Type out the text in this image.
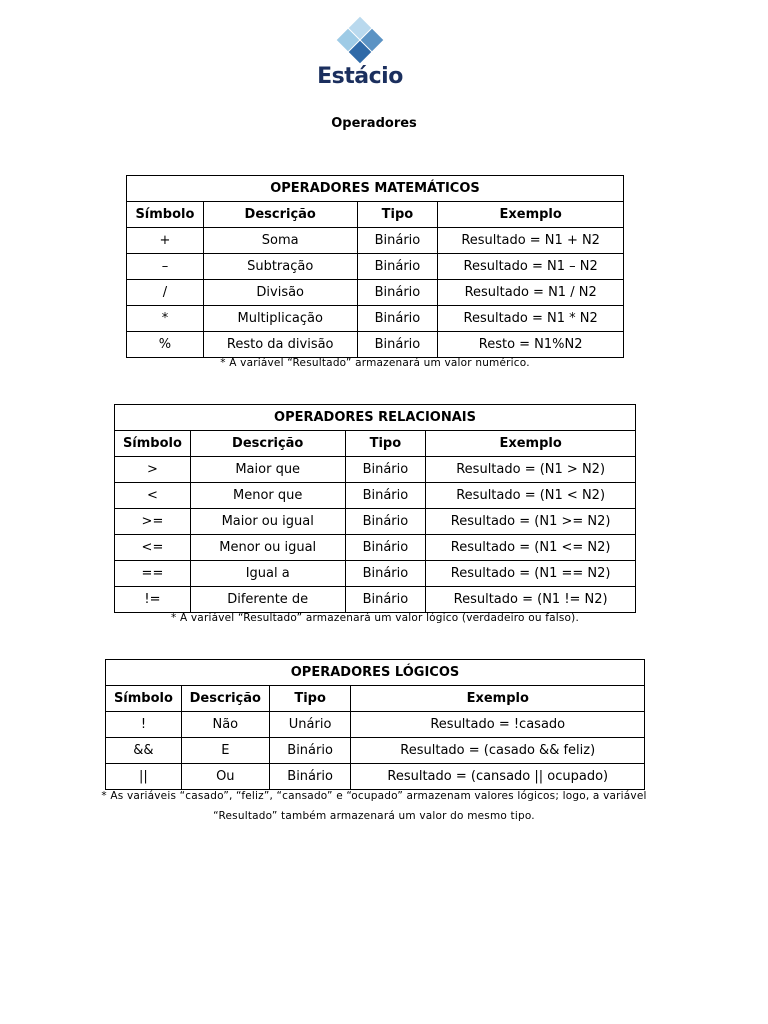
Estácio
Operadores
OPERADORES MATEMÁTICOS			
Símbolo	Descrição	Tipo	Exemplo
+	Soma	Binário	Resultado = N1 + N2
–	Subtração	Binário	Resultado = N1 – N2
/	Divisão	Binário	Resultado = N1 / N2
*	Multiplicação	Binário	Resultado = N1 * N2
%	Resto da divisão	Binário	Resto = N1%N2
* A variável “Resultado” armazenará um valor numérico.
OPERADORES RELACIONAIS			
Símbolo	Descrição	Tipo	Exemplo
>	Maior que	Binário	Resultado = (N1 > N2)
<	Menor que	Binário	Resultado = (N1 < N2)
>=	Maior ou igual	Binário	Resultado = (N1 >= N2)
<=	Menor ou igual	Binário	Resultado = (N1 <= N2)
==	Igual a	Binário	Resultado = (N1 == N2)
!=	Diferente de	Binário	Resultado = (N1 != N2)
* A variável “Resultado” armazenará um valor lógico (verdadeiro ou falso).
OPERADORES LÓGICOS			
Símbolo	Descrição	Tipo	Exemplo
!	Não	Unário	Resultado = !casado
&&	E	Binário	Resultado = (casado && feliz)
||	Ou	Binário	Resultado = (cansado || ocupado)
* As variáveis “casado”, “feliz”, “cansado” e “ocupado” armazenam valores lógicos; logo, a variável
“Resultado” também armazenará um valor do mesmo tipo.
